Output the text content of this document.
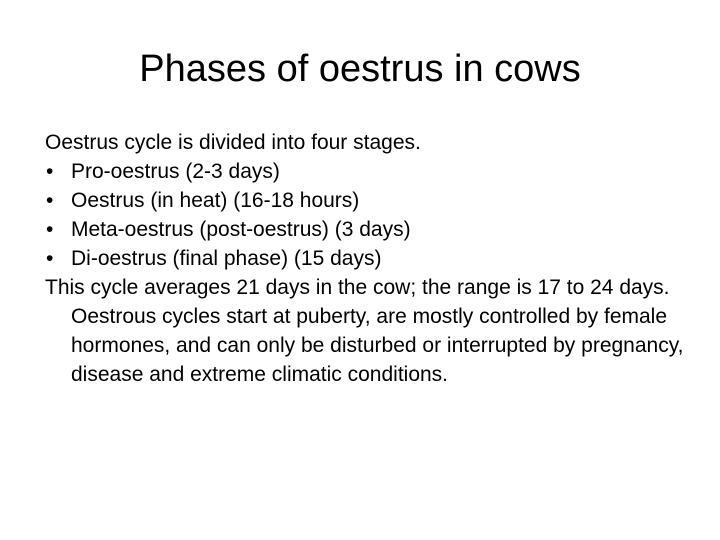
Phases of oestrus in cows

Oestrus cycle is divided into four stages.

• Pro-oestrus (2-3 days)
• Oestrus (in heat) (16-18 hours)
• Meta-oestrus (post-oestrus) (3 days)
• Di-oestrus (final phase) (15 days)

This cycle averages 21 days in the cow; the range is 17 to 24 days. Oestrous cycles start at puberty, are mostly controlled by female hormones, and can only be disturbed or interrupted by pregnancy, disease and extreme climatic conditions.
